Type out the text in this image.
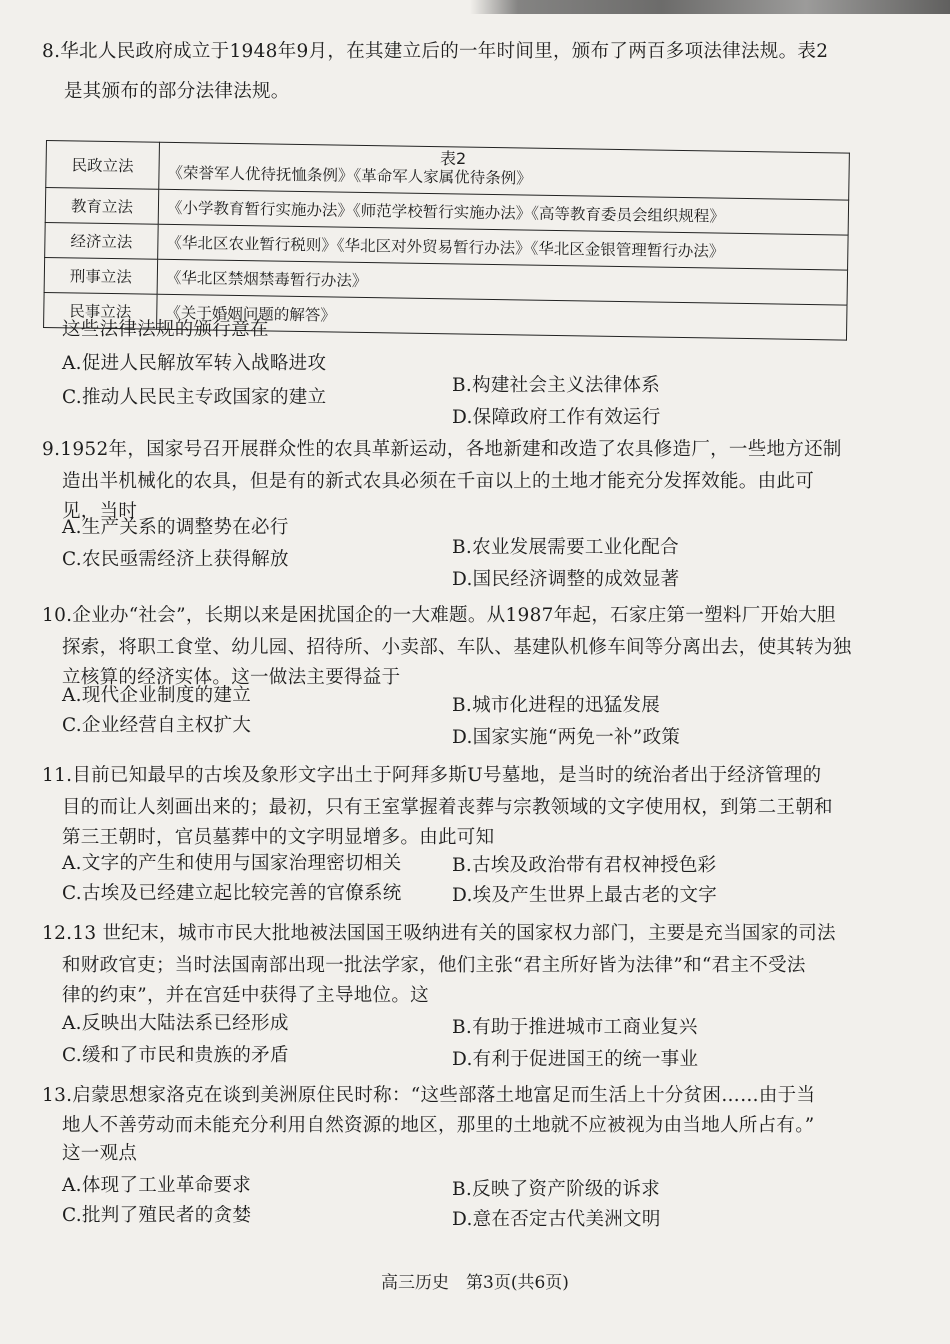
8.华北人民政府成立于1948年9月，在其建立后的一年时间里，颁布了两百多项法律法规。表2
是其颁布的部分法律法规。
表2
民政立法	《荣誉军人优待抚恤条例》《革命军人家属优待条例》
教育立法	《小学教育暂行实施办法》《师范学校暂行实施办法》《高等教育委员会组织规程》
经济立法	《华北区农业暂行税则》《华北区对外贸易暂行办法》《华北区金银管理暂行办法》
刑事立法	《华北区禁烟禁毒暂行办法》
民事立法	《关于婚姻问题的解答》
这些法律法规的颁行意在
A.促进人民解放军转入战略进攻
B.构建社会主义法律体系
C.推动人民民主专政国家的建立
D.保障政府工作有效运行
9.1952年，国家号召开展群众性的农具革新运动，各地新建和改造了农具修造厂，一些地方还制
造出半机械化的农具，但是有的新式农具必须在千亩以上的土地才能充分发挥效能。由此可
见，当时
A.生产关系的调整势在必行
B.农业发展需要工业化配合
C.农民亟需经济上获得解放
D.国民经济调整的成效显著
10.企业办“社会”，长期以来是困扰国企的一大难题。从1987年起，石家庄第一塑料厂开始大胆
探索，将职工食堂、幼儿园、招待所、小卖部、车队、基建队机修车间等分离出去，使其转为独
立核算的经济实体。这一做法主要得益于
A.现代企业制度的建立	B.城市化进程的迅猛发展
C.企业经营自主权扩大
D.国家实施“两免一补”政策
11.目前已知最早的古埃及象形文字出土于阿拜多斯U号墓地，是当时的统治者出于经济管理的
目的而让人刻画出来的；最初，只有王室掌握着丧葬与宗教领域的文字使用权，到第二王朝和
第三王朝时，官员墓葬中的文字明显增多。由此可知
A.文字的产生和使用与国家治理密切相关	B.古埃及政治带有君权神授色彩
C.古埃及已经建立起比较完善的官僚系统	D.埃及产生世界上最古老的文字
12.13 世纪末，城市市民大批地被法国国王吸纳进有关的国家权力部门，主要是充当国家的司法
和财政官吏；当时法国南部出现一批法学家，他们主张“君主所好皆为法律”和“君主不受法
律的约束”，并在宫廷中获得了主导地位。这
A.反映出大陆法系已经形成	B.有助于推进城市工商业复兴
C.缓和了市民和贵族的矛盾	D.有利于促进国王的统一事业
13.启蒙思想家洛克在谈到美洲原住民时称：“这些部落土地富足而生活上十分贫困……由于当
地人不善劳动而未能充分利用自然资源的地区，那里的土地就不应被视为由当地人所占有。”
这一观点
A.体现了工业革命要求	B.反映了资产阶级的诉求
C.批判了殖民者的贪婪	D.意在否定古代美洲文明
高三历史　第3页(共6页)
